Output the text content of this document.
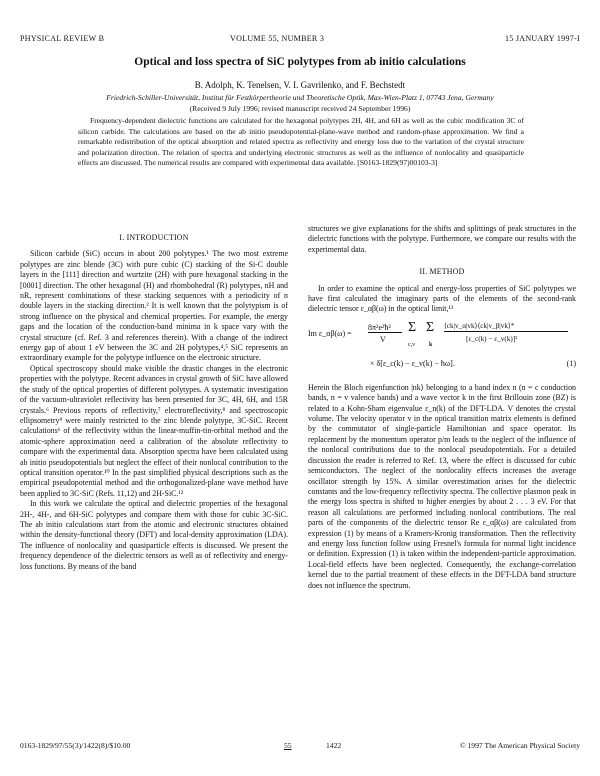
PHYSICAL REVIEW B	VOLUME 55, NUMBER 3	15 JANUARY 1997-I
Optical and loss spectra of SiC polytypes from ab initio calculations
B. Adolph, K. Tenelsen, V. I. Gavrilenko, and F. Bechstedt
Friedrich-Schiller-Universität, Institut für Festkörpertheorie und Theoretische Optik, Max-Wien-Platz 1, 07743 Jena, Germany
(Received 9 July 1996; revised manuscript received 24 September 1996)

Frequency-dependent dielectric functions are calculated for the hexagonal polytypes 2H, 4H, and 6H as well as the cubic modification 3C of silicon carbide. The calculations are based on the ab initio pseudopotential-plane-wave method and random-phase approximation. We find a remarkable redistribution of the optical absorption and related spectra as reflectivity and energy loss due to the variation of the crystal structure and polarization direction. The relation of spectra and underlying electronic structures as well as the influence of nonlocality and quasiparticle effects are discussed. The numerical results are compared with experimental data available. [S0163-1829(97)00103-3]

I. INTRODUCTION

Silicon carbide (SiC) occurs in about 200 polytypes.¹ The two most extreme polytypes are zinc blende (3C) with pure cubic (C) stacking of the Si-C double layers in the [111] direction and wurtzite (2H) with pure hexagonal stacking in the [0001] direction. The other hexagonal (H) and rhombohedral (R) polytypes, nH and nR, represent combinations of these stacking sequences with a periodicity of n double layers in the stacking direction.² It is well known that the polytypism is of strong influence on the physical and chemical properties. For example, the energy gaps and the location of the conduction-band minima in k space vary with the crystal structure (cf. Ref. 3 and references therein). With a change of the indirect energy gap of about 1 eV between the 3C and 2H polytypes,⁴,⁵ SiC represents an extraordinary example for the polytype influence on the electronic structure.

Optical spectroscopy should make visible the drastic changes in the electronic properties with the polytype. Recent advances in crystal growth of SiC have allowed the study of the optical properties of different polytypes. A systematic investigation of the vacuum-ultraviolet reflectivity has been presented for 3C, 4H, 6H, and 15R crystals.⁶ Previous reports of reflectivity,⁷ electroreflectivity,⁸ and spectroscopic ellipsometry⁹ were mainly restricted to the zinc blende polytype, 3C-SiC. Recent calculations⁶ of the reflectivity within the linear-muffin-tin-orbital method and the atomic-sphere approximation need a calibration of the absolute reflectivity to compare with the experimental data. Absorption spectra have been calculated using ab initio pseudopotentials but neglect the effect of their nonlocal contribution to the optical transition operator.¹⁰ In the past simplified physical descriptions such as the empirical pseudopotential method and the orthogonalized-plane wave method have been applied to 3C-SiC (Refs. 11,12) and 2H-SiC.¹²

In this work we calculate the optical and dielectric properties of the hexagonal 2H-, 4H-, and 6H-SiC polytypes and compare them with those for cubic 3C-SiC. The ab initio calculations start from the atomic and electronic structures obtained within the density-functional theory (DFT) and local-density approximation (LDA). The influence of nonlocality and quasiparticle effects is discussed. We present the frequency dependence of the dielectric tensors as well as of reflectivity and energy-loss functions. By means of the band

structures we give explanations for the shifts and splittings of peak structures in the dielectric functions with the polytype. Furthermore, we compare our results with the experimental data.

II. METHOD

In order to examine the optical and energy-loss properties of SiC polytypes we have first calculated the imaginary parts of the elements of the second-rank dielectric tensor ε_αβ(ω) in the optical limit,¹³

Im ε_αβ(ω) =
8π²e²ħ²
V
Σ
c,v
Σ
k
⟨ck|v_α|vk⟩⟨ck|v_β|vk⟩*
[ε_c(k) − ε_v(k)]²
× δ[ε_c(k) − ε_v(k) − ħω].	(1)

Herein the Bloch eigenfunction |nk⟩ belonging to a band index n (n = c conduction bands, n = v valence bands) and a wave vector k in the first Brillouin zone (BZ) is related to a Kohn-Sham eigenvalue ε_n(k) of the DFT-LDA. V denotes the crystal volume. The velocity operator v in the optical transition matrix elements is defined by the commutator of single-particle Hamiltonian and space operator. Its replacement by the momentum operator p/m leads to the neglect of the influence of the nonlocal contributions due to the nonlocal pseudopotentials. For a detailed discussion the reader is referred to Ref. 13, where the effect is discussed for cubic semiconductors. The neglect of the nonlocality effects increases the average oscillator strength by 15%. A similar overestimation arises for the dielectric constants and the low-frequency reflectivity spectra. The collective plasmon peak in the energy loss spectra is shifted to higher energies by about 2 . . . 3 eV. For that reason all calculations are performed including nonlocal contributions. The real parts of the components of the dielectric tensor Re ε_αβ(ω) are calculated from expression (1) by means of a Kramers-Kronig transformation. Then the reflectivity and energy loss function follow using Fresnel's formula for normal light incidence or definition. Expression (1) is taken within the independent-particle approximation. Local-field effects have been neglected. Consequently, the exchange-correlation kernel due to the partial treatment of these effects in the DFT-LDA band structure does not influence the spectrum.

0163-1829/97/55(3)/1422(8)/$10.00	55	1422	© 1997 The American Physical Society
